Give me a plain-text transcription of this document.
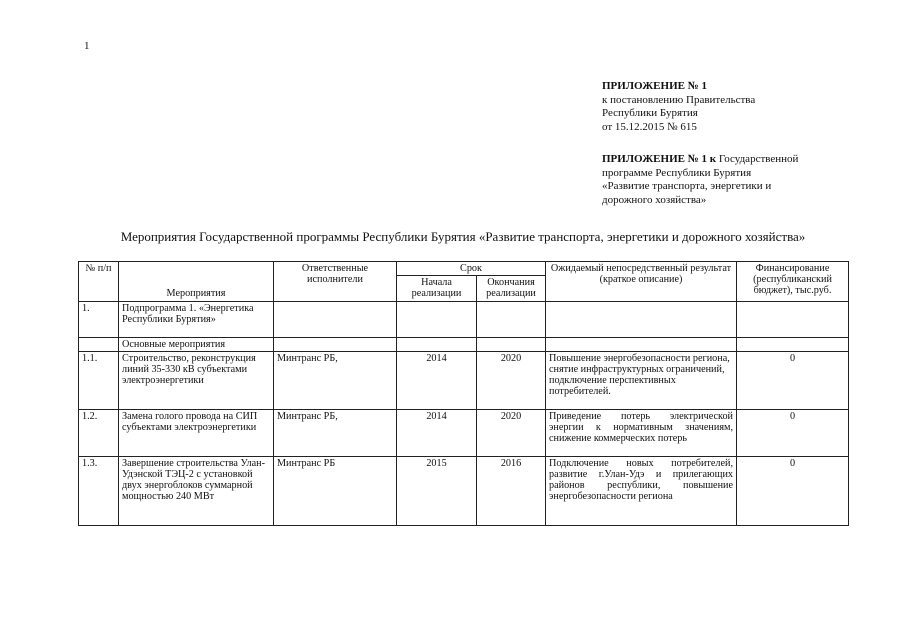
1
ПРИЛОЖЕНИЕ № 1
к постановлению Правительства
Республики Бурятия
от 15.12.2015 № 615
ПРИЛОЖЕНИЕ № 1 к Государственной
программе Республики Бурятия
«Развитие транспорта, энергетики и
дорожного хозяйства»
Мероприятия Государственной программы Республики Бурятия «Развитие транспорта, энергетики и дорожного хозяйства»
№ п/п	Мероприятия	Ответственные исполнители	Срок		Ожидаемый непосредственный результат (краткое описание)	Финансирование (республиканский бюджет), тыс.руб.
			Начала реализации	Окончания реализации		
1.	Подпрограмма 1. «Энергетика Республики Бурятия»					
	Основные мероприятия					
1.1.	Строительство, реконструкция линий 35-330 кВ субъектами электроэнергетики	Минтранс РБ,	2014	2020	Повышение энергобезопасности региона, снятие инфраструктурных ограничений, подключение перспективных потребителей.	0
1.2.	Замена голого провода на СИП субъектами электроэнергетики	Минтранс РБ,	2014	2020	Приведение потерь электрической энергии к нормативным значениям, снижение коммерческих потерь	0
1.3.	Завершение строительства Улан-Удэнской ТЭЦ-2 с установкой двух энергоблоков суммарной мощностью 240 МВт	Минтранс РБ	2015	2016	Подключение новых потребителей, развитие г.Улан-Удэ и прилегающих районов республики, повышение энергобезопасности региона	0
